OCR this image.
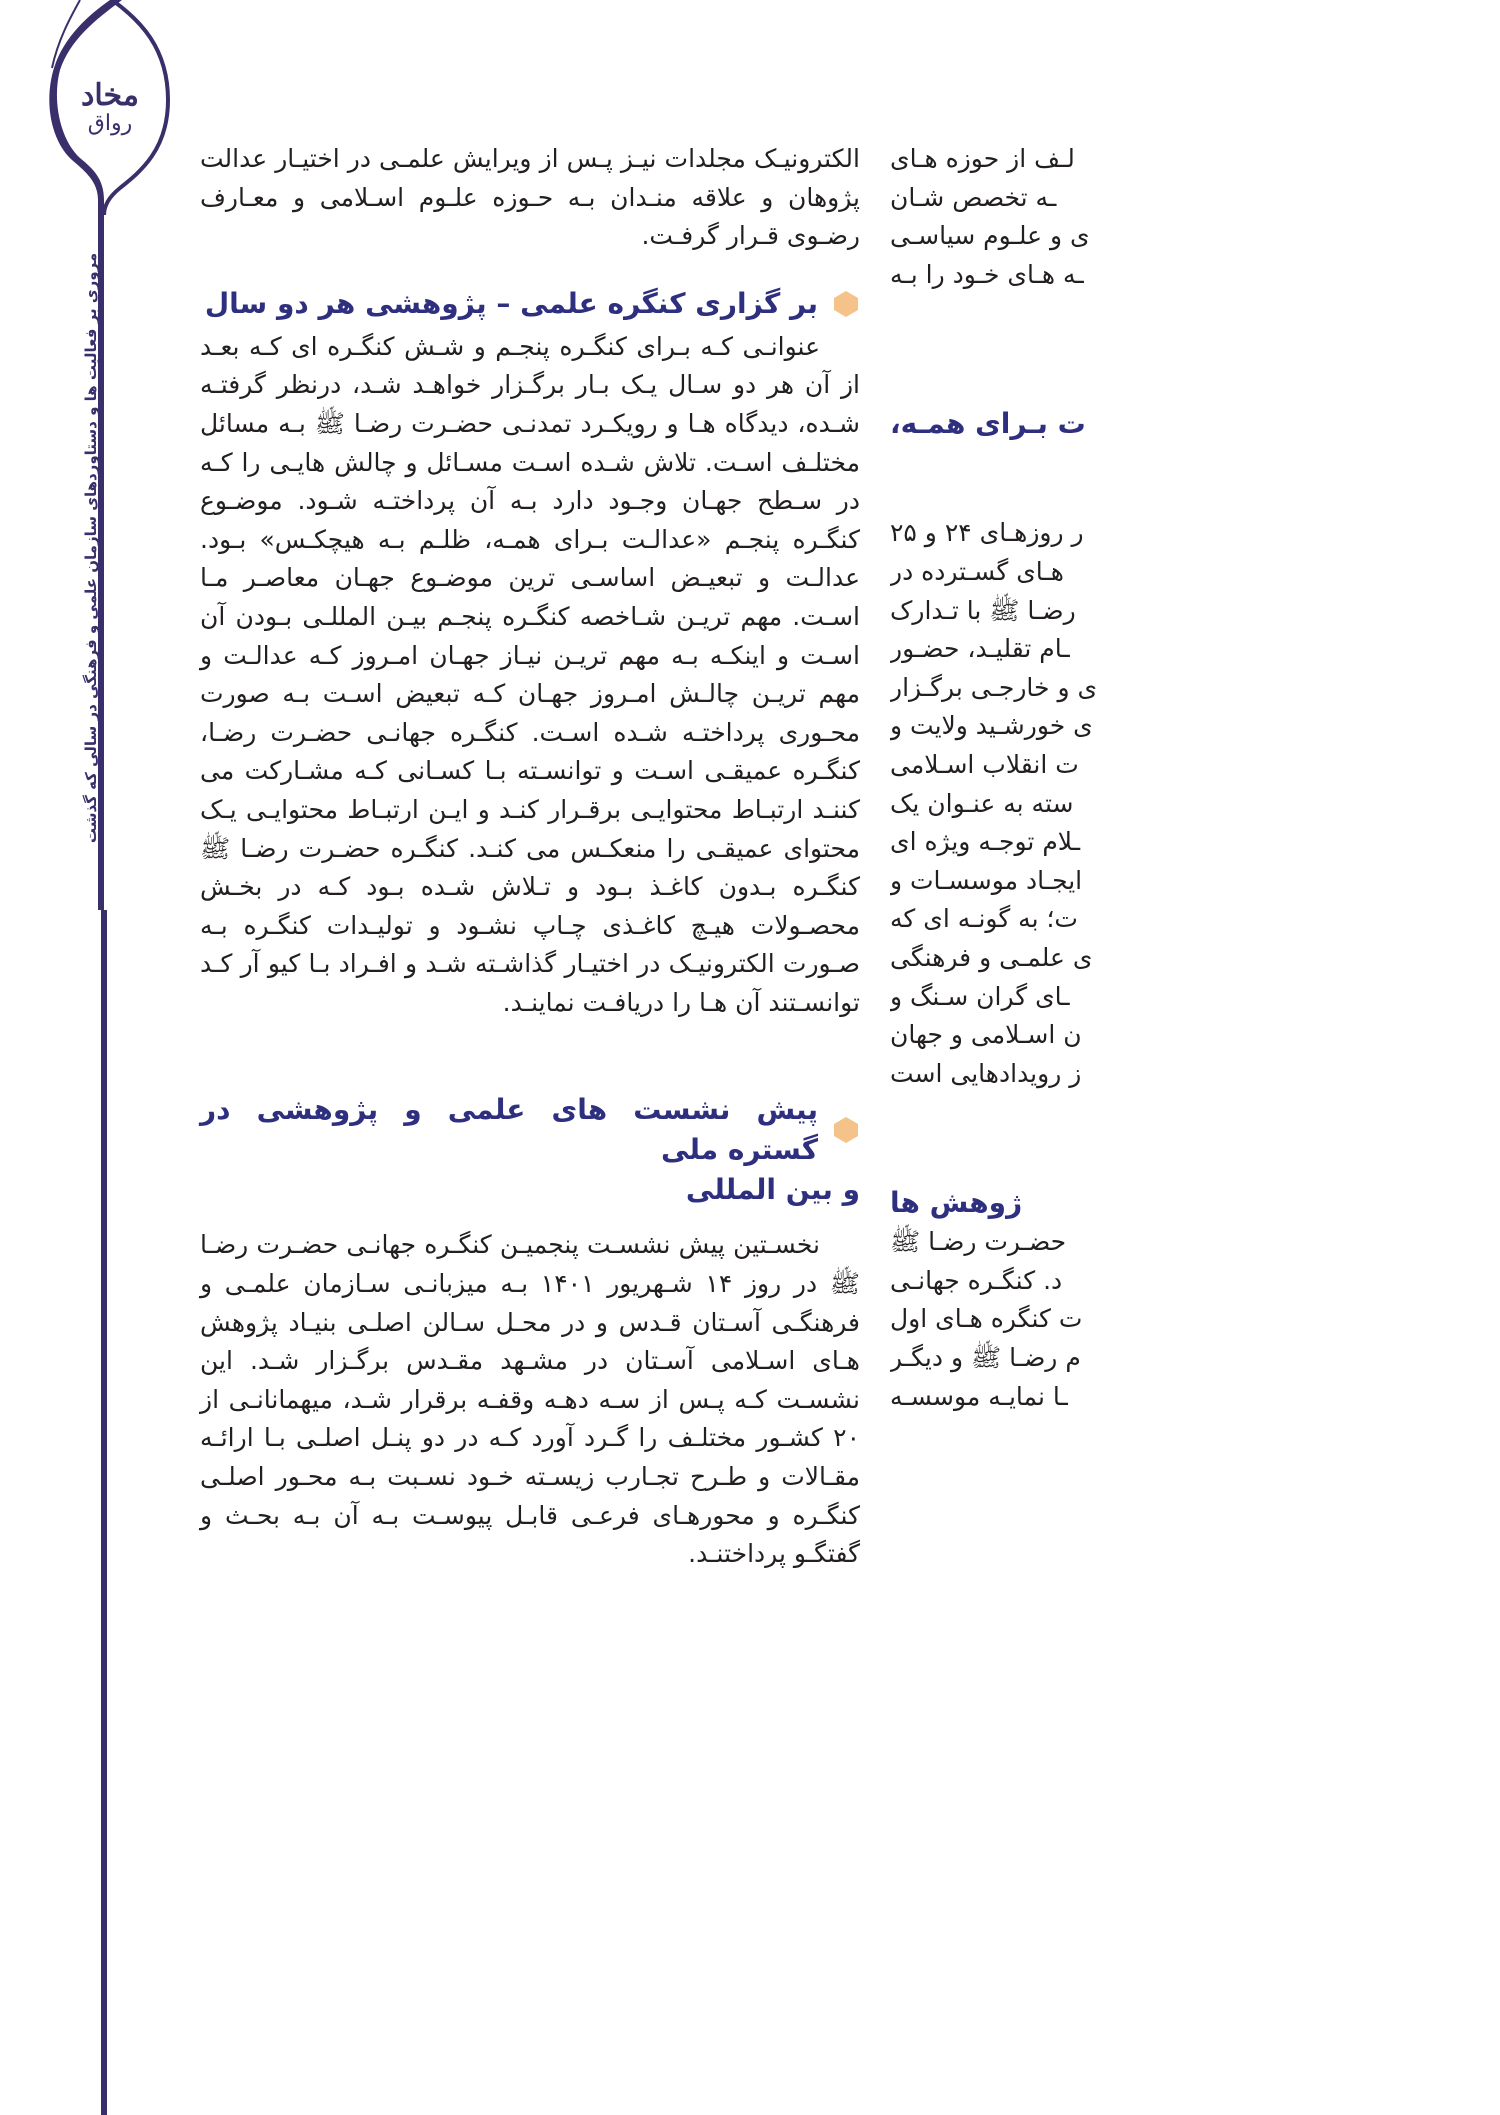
مخاد
رواق
مروری بر فعالیت ها و دستاوردهای سازمان علمی و فرهنگی در سالی که گذشت

الکترونیـک مجلدات نیـز پـس از ویرایش علمـی در اختیـار عدالت پژوهان و علاقه منـدان بـه حـوزه علـوم اسـلامی و معـارف رضـوی قـرار گرفـت.

بر گزاری کنگره علمی – پژوهشی هر دو سال

عنوانـی کـه بـرای کنگـره پنجـم و شـش کنگـره ای کـه بعـد از آن هر دو سـال یـک بـار برگـزار خواهـد شـد، درنظر گرفتـه شـده، دیدگاه هـا و رویکـرد تمدنـی حضـرت رضـا ﷺ بـه مسائل مختلـف اسـت. تلاش شـده اسـت مسـائل و چالش هایـی را کـه در سـطح جهـان وجـود دارد بـه آن پرداختـه شـود. موضـوع کنگـره پنجـم «عدالـت بـرای همـه، ظلـم بـه هیچکـس» بـود. عدالـت و تبعیـض اساسـی ترین موضـوع جهـان معاصـر مـا اسـت. مهم تریـن شـاخصه کنگـره پنجـم بیـن المللـی بـودن آن اسـت و اینکـه بـه مهم تریـن نیـاز جهـان امـروز کـه عدالـت و مهم تریـن چالـش امـروز جهـان کـه تبعیض اسـت بـه صورت محـوری پرداختـه شـده اسـت. کنگـره جهانـی حضـرت رضـا، کنگـره عمیقـی اسـت و توانسـته بـا کسـانی کـه مشـارکت می کننـد ارتبـاط محتوایـی برقـرار کنـد و ایـن ارتبـاط محتوایـی یـک محتوای عمیقـی را منعکـس می کنـد. کنگـره حضـرت رضـا ﷺ کنگـره بـدون کاغـذ بـود و تـلاش شـده بـود کـه در بخـش محصـولات هیـچ کاغـذی چـاپ نشـود و تولیـدات کنگـره بـه صـورت الکترونیـک در اختیـار گذاشـته شـد و افـراد بـا کیو آر کـد توانسـتند آن هـا را دریافـت نماینـد.

پیش نشست های علمی و پژوهشی در گستره ملی
و بین المللی

نخسـتین پیش نشسـت پنجمیـن کنگـره جهانـی حضـرت رضـا ﷺ در روز ۱۴ شـهریور ۱۴۰۱ بـه میزبانـی سـازمان علمـی و فرهنگـی آسـتان قـدس و در محـل سـالن اصلـی بنیـاد پژوهش هـای اسـلامی آسـتان در مشـهد مقـدس برگـزار شـد. این نشسـت کـه پـس از سـه دهـه وقفـه برقرار شـد، میهمانانـی از ۲۰ کشـور مختلـف را گـرد آورد کـه در دو پنـل اصلـی بـا ارائـه مقـالات و طـرح تجـارب زیسـته خـود نسـبت بـه محـور اصلـی کنگـره و محورهـای فرعـی قابـل پیوسـت بـه آن بـه بحـث و گفتگـو پرداختنـد.

لـف از حوزه هـای

ـه تخصص شـان

ی و علـوم سیاسـی

ـه هـای خـود را بـه

ت بـرای همـه،

ر روزهـای ۲۴ و ۲۵

هـای گسـترده در

رضـا ﷺ با تـدارک

ـام تقلیـد، حضـور

ی و خارجـی برگـزار

ی خورشـید ولایت و

ت انقلاب اسـلامی

سته به عنـوان یک

ـلام توجـه ویژه ای

ایجـاد موسسـات و

ت؛ به گونـه ای که

ی علمـی و فرهنگی

ـای گران سـنگ و

ن اسـلامی و جهان

ز رویدادهایی است

ژوهش ها

حضـرت رضـا ﷺ

د. کنگـره جهانـی

ت کنگره هـای اول

م رضـا ﷺ و دیگـر

ـا نمایـه موسسـه
